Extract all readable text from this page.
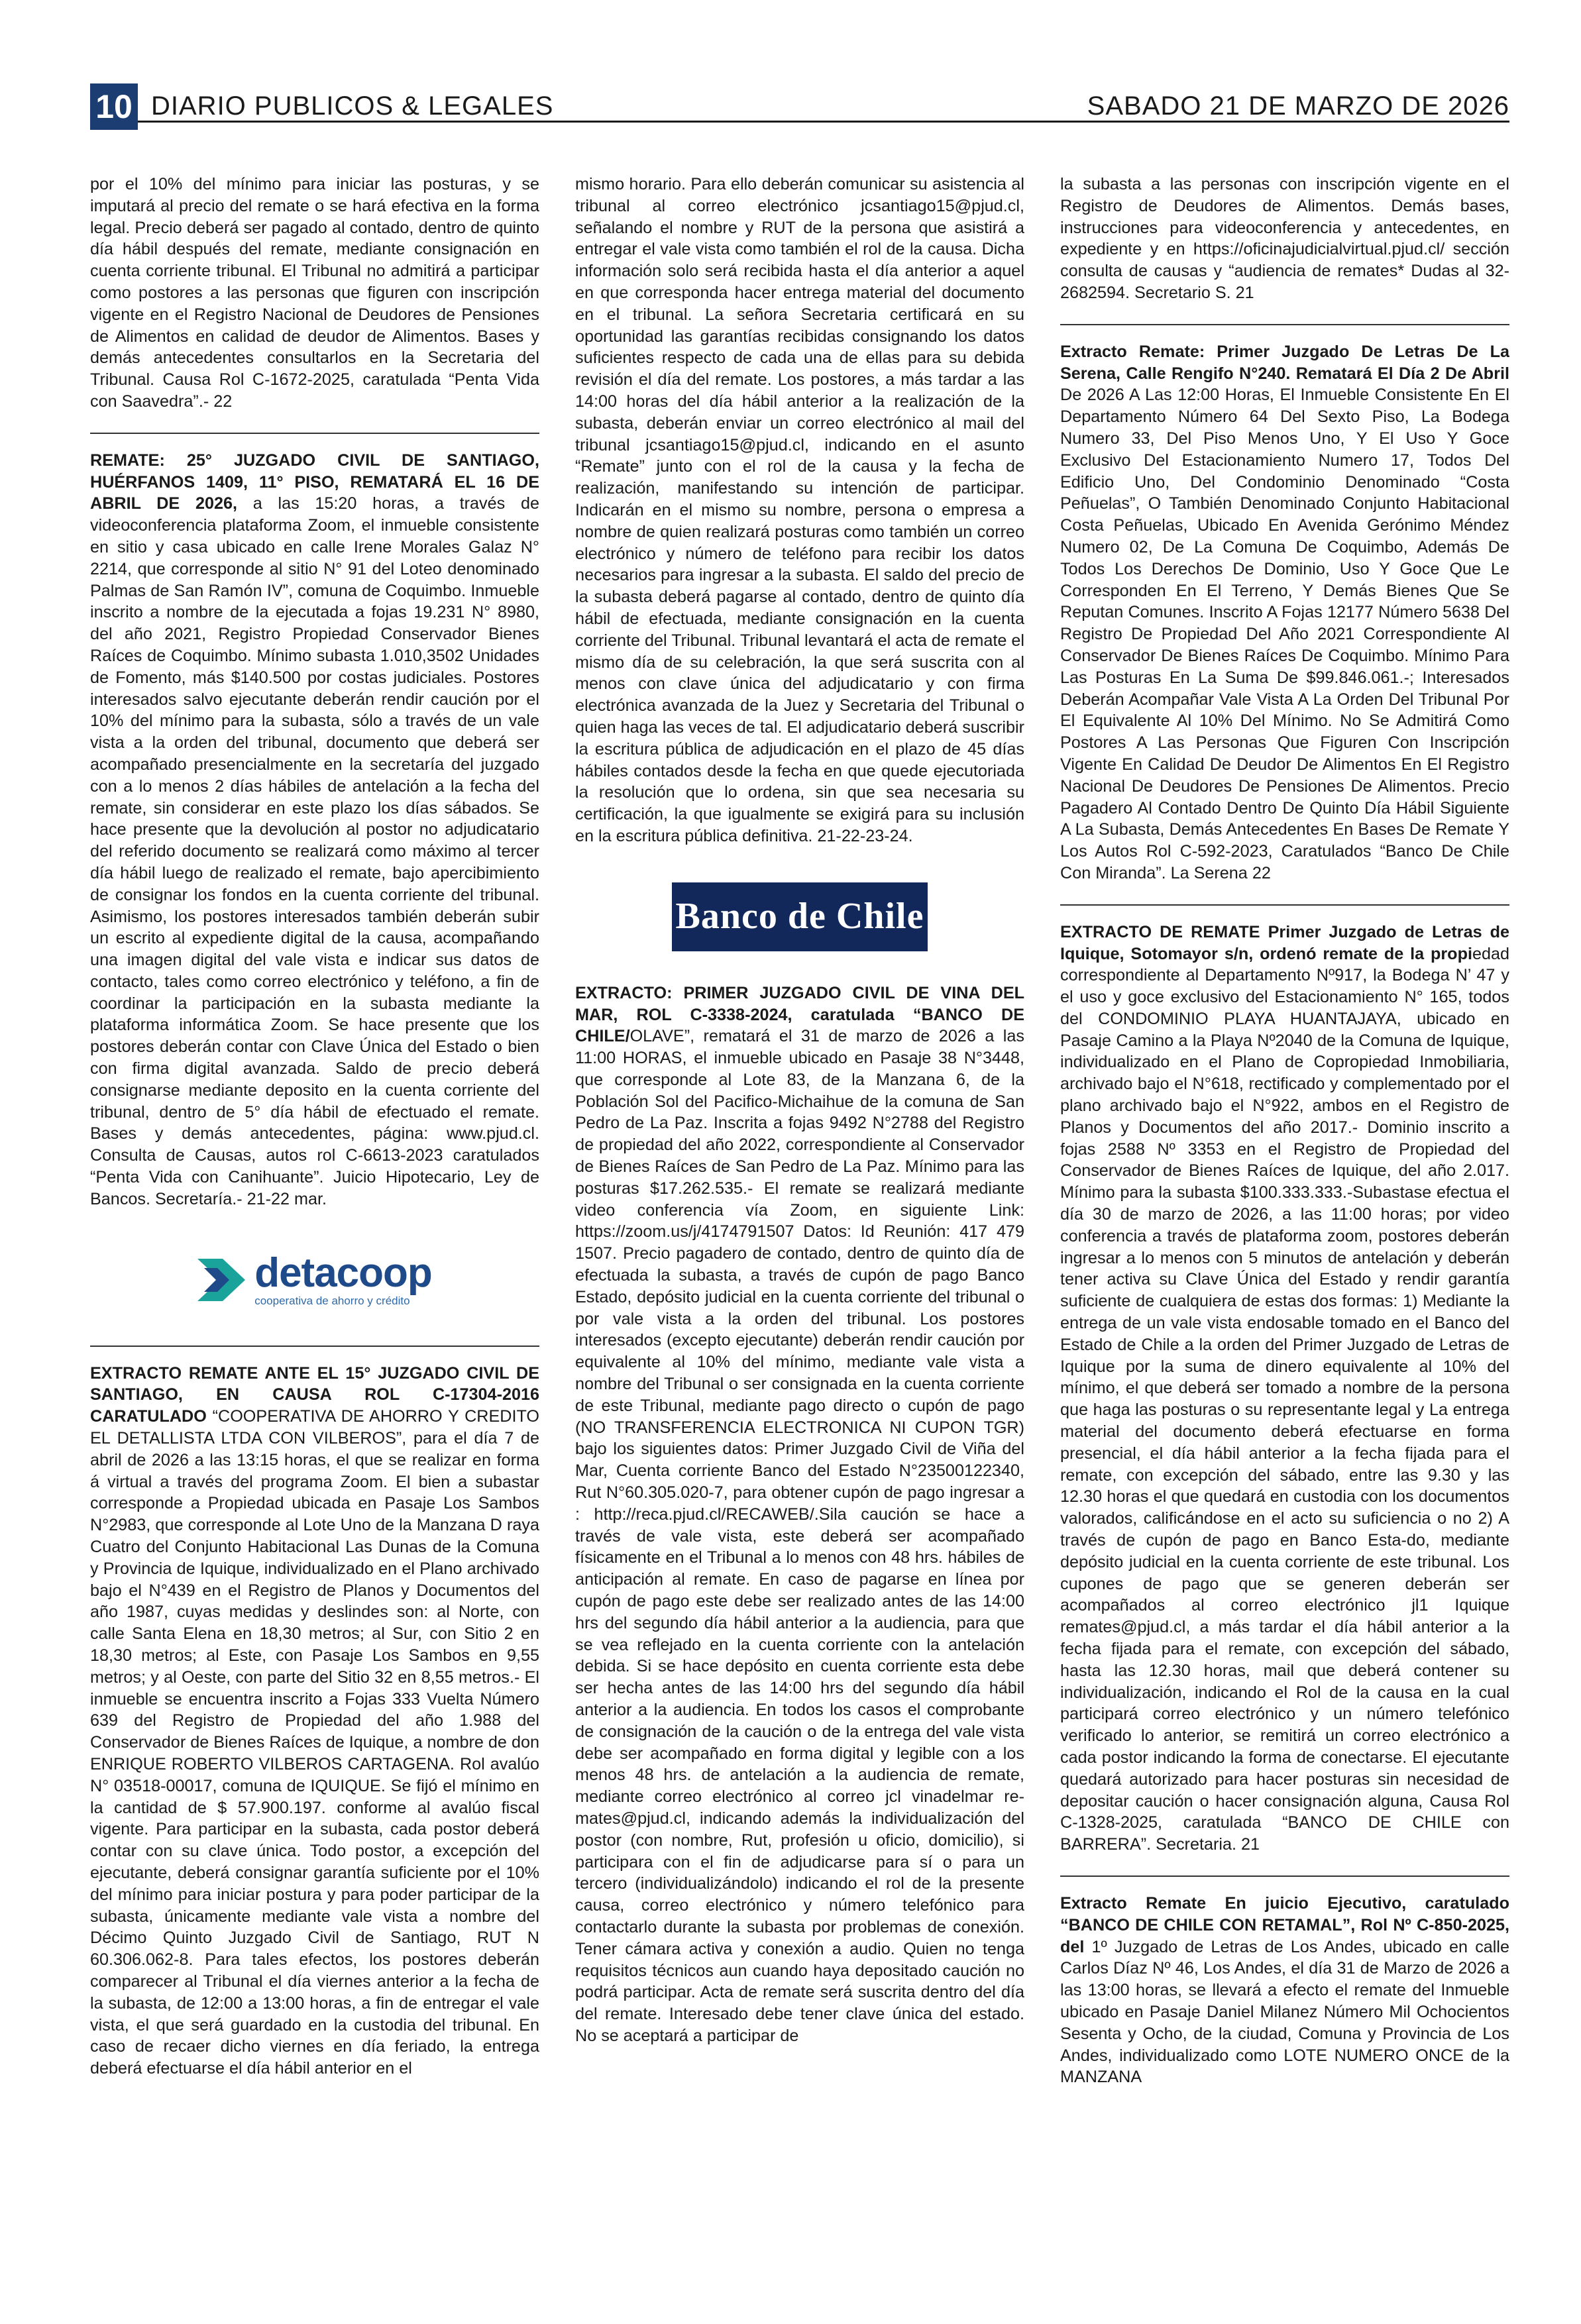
10 DIARIO PUBLICOS & LEGALES	SABADO 21 DE MARZO DE 2026

por el 10% del mínimo para iniciar las posturas, y se imputará al precio del remate o se hará efectiva en la forma legal. Precio deberá ser pagado al contado, dentro de quinto día hábil después del remate, mediante consignación en cuenta corriente tribunal. El Tribunal no admitirá a participar como postores a las personas que figuren con inscripción vigente en el Registro Nacional de Deudores de Pensiones de Alimentos en calidad de deudor de Alimentos. Bases y demás antecedentes consultarlos en la Secretaria del Tribunal. Causa Rol C-1672-2025, caratulada “Penta Vida con Saavedra”.- 22

REMATE: 25° JUZGADO CIVIL DE SANTIAGO, HUÉRFANOS 1409, 11° PISO, REMATARÁ EL 16 DE ABRIL DE 2026, a las 15:20 horas, a través de videoconferencia plataforma Zoom, el inmueble consistente en sitio y casa ubicado en calle Irene Morales Galaz N° 2214, que corresponde al sitio N° 91 del Loteo denominado Palmas de San Ramón IV”, comuna de Coquimbo. Inmueble inscrito a nombre de la ejecutada a fojas 19.231 N° 8980, del año 2021, Registro Propiedad Conservador Bienes Raíces de Coquimbo. Mínimo subasta 1.010,3502 Unidades de Fomento, más $140.500 por costas judiciales. Postores interesados salvo ejecutante deberán rendir caución por el 10% del mínimo para la subasta, sólo a través de un vale vista a la orden del tribunal, documento que deberá ser acompañado presencialmente en la secretaría del juzgado con a lo menos 2 días hábiles de antelación a la fecha del remate, sin considerar en este plazo los días sábados. Se hace presente que la devolución al postor no adjudicatario del referido documento se realizará como máximo al tercer día hábil luego de realizado el remate, bajo apercibimiento de consignar los fondos en la cuenta corriente del tribunal. Asimismo, los postores interesados también deberán subir un escrito al expediente digital de la causa, acompañando una imagen digital del vale vista e indicar sus datos de contacto, tales como correo electrónico y teléfono, a fin de coordinar la participación en la subasta mediante la plataforma informática Zoom. Se hace presente que los postores deberán contar con Clave Única del Estado o bien con firma digital avanzada. Saldo de precio deberá consignarse mediante deposito en la cuenta corriente del tribunal, dentro de 5° día hábil de efectuado el remate. Bases y demás antecedentes, página: www.pjud.cl. Consulta de Causas, autos rol C-6613-2023 caratulados “Penta Vida con Canihuante”. Juicio Hipotecario, Ley de Bancos. Secretaría.- 21-22 mar.

detacoop
cooperativa de ahorro y crédito

EXTRACTO REMATE ANTE EL 15° JUZGADO CIVIL DE SANTIAGO, EN CAUSA ROL C-17304-2016 CARATULADO “COOPERATIVA DE AHORRO Y CREDITO EL DETALLISTA LTDA CON VILBEROS”, para el día 7 de abril de 2026 a las 13:15 horas, el que se realizar en forma á virtual a través del programa Zoom. El bien a subastar corresponde a Propiedad ubicada en Pasaje Los Sambos N°2983, que corresponde al Lote Uno de la Manzana D raya Cuatro del Conjunto Habitacional Las Dunas de la Comuna y Provincia de Iquique, individualizado en el Plano archivado bajo el N°439 en el Registro de Planos y Documentos del año 1987, cuyas medidas y deslindes son: al Norte, con calle Santa Elena en 18,30 metros; al Sur, con Sitio 2 en 18,30 metros; al Este, con Pasaje Los Sambos en 9,55 metros; y al Oeste, con parte del Sitio 32 en 8,55 metros.- El inmueble se encuentra inscrito a Fojas 333 Vuelta Número 639 del Registro de Propiedad del año 1.988 del Conservador de Bienes Raíces de Iquique, a nombre de don ENRIQUE ROBERTO VILBEROS CARTAGENA. Rol avalúo N° 03518-00017, comuna de IQUIQUE. Se fijó el mínimo en la cantidad de $ 57.900.197. conforme al avalúo fiscal vigente. Para participar en la subasta, cada postor deberá contar con su clave única. Todo postor, a excepción del ejecutante, deberá consignar garantía suficiente por el 10% del mínimo para iniciar postura y para poder participar de la subasta, únicamente mediante vale vista a nombre del Décimo Quinto Juzgado Civil de Santiago, RUT N 60.306.062-8. Para tales efectos, los postores deberán comparecer al Tribunal el día viernes anterior a la fecha de la subasta, de 12:00 a 13:00 horas, a fin de entregar el vale vista, el que será guardado en la custodia del tribunal. En caso de recaer dicho viernes en día feriado, la entrega deberá efectuarse el día hábil anterior en el

mismo horario. Para ello deberán comunicar su asistencia al tribunal al correo electrónico jcsantiago15@pjud.cl, señalando el nombre y RUT de la persona que asistirá a entregar el vale vista como también el rol de la causa. Dicha información solo será recibida hasta el día anterior a aquel en que corresponda hacer entrega material del documento en el tribunal. La señora Secretaria certificará en su oportunidad las garantías recibidas consignando los datos suficientes respecto de cada una de ellas para su debida revisión el día del remate. Los postores, a más tardar a las 14:00 horas del día hábil anterior a la realización de la subasta, deberán enviar un correo electrónico al mail del tribunal jcsantiago15@pjud.cl, indicando en el asunto “Remate” junto con el rol de la causa y la fecha de realización, manifestando su intención de participar. Indicarán en el mismo su nombre, persona o empresa a nombre de quien realizará posturas como también un correo electrónico y número de teléfono para recibir los datos necesarios para ingresar a la subasta. El saldo del precio de la subasta deberá pagarse al contado, dentro de quinto día hábil de efectuada, mediante consignación en la cuenta corriente del Tribunal. Tribunal levantará el acta de remate el mismo día de su celebración, la que será suscrita con al menos con clave única del adjudicatario y con firma electrónica avanzada de la Juez y Secretaria del Tribunal o quien haga las veces de tal. El adjudicatario deberá suscribir la escritura pública de adjudicación en el plazo de 45 días hábiles contados desde la fecha en que quede ejecutoriada la resolución que lo ordena, sin que sea necesaria su certificación, la que igualmente se exigirá para su inclusión en la escritura pública definitiva. 21-22-23-24.

Banco de Chile

EXTRACTO: PRIMER JUZGADO CIVIL DE VINA DEL MAR, ROL C-3338-2024, caratulada “BANCO DE CHILE/OLAVE”, rematará el 31 de marzo de 2026 a las 11:00 HORAS, el inmueble ubicado en Pasaje 38 N°3448, que corresponde al Lote 83, de la Manzana 6, de la Población Sol del Pacifico-Michaihue de la comuna de San Pedro de La Paz. Inscrita a fojas 9492 N°2788 del Registro de propiedad del año 2022, correspondiente al Conservador de Bienes Raíces de San Pedro de La Paz. Mínimo para las posturas $17.262.535.- El remate se realizará mediante video conferencia vía Zoom, en siguiente Link: https://zoom.us/j/4174791507 Datos: Id Reunión: 417 479 1507. Precio pagadero de contado, dentro de quinto día de efectuada la subasta, a través de cupón de pago Banco Estado, depósito judicial en la cuenta corriente del tribunal o por vale vista a la orden del tribunal. Los postores interesados (excepto ejecutante) deberán rendir caución por equivalente al 10% del mínimo, mediante vale vista a nombre del Tribunal o ser consignada en la cuenta corriente de este Tribunal, mediante pago directo o cupón de pago (NO TRANSFERENCIA ELECTRONICA NI CUPON TGR) bajo los siguientes datos: Primer Juzgado Civil de Viña del Mar, Cuenta corriente Banco del Estado N°23500122340, Rut N°60.305.020-7, para obtener cupón de pago ingresar a : http://reca.pjud.cl/RECAWEB/.Sila caución se hace a través de vale vista, este deberá ser acompañado físicamente en el Tribunal a lo menos con 48 hrs. hábiles de anticipación al remate. En caso de pagarse en línea por cupón de pago este debe ser realizado antes de las 14:00 hrs del segundo día hábil anterior a la audiencia, para que se vea reflejado en la cuenta corriente con la antelación debida. Si se hace depósito en cuenta corriente esta debe ser hecha antes de las 14:00 hrs del segundo día hábil anterior a la audiencia. En todos los casos el comprobante de consignación de la caución o de la entrega del vale vista debe ser acompañado en forma digital y legible con a los menos 48 hrs. de antelación a la audiencia de remate, mediante correo electrónico al correo jcl vinadelmar re-mates@pjud.cl, indicando además la individualización del postor (con nombre, Rut, profesión u oficio, domicilio), si participara con el fin de adjudicarse para sí o para un tercero (individualizándolo) indicando el rol de la presente causa, correo electrónico y número telefónico para contactarlo durante la subasta por problemas de conexión. Tener cámara activa y conexión a audio. Quien no tenga requisitos técnicos aun cuando haya depositado caución no podrá participar. Acta de remate será suscrita dentro del día del remate. Interesado debe tener clave única del estado. No se aceptará a participar de

la subasta a las personas con inscripción vigente en el Registro de Deudores de Alimentos. Demás bases, instrucciones para videoconferencia y antecedentes, en expediente y en https://oficinajudicialvirtual.pjud.cl/ sección consulta de causas y “audiencia de remates* Dudas al 32-2682594. Secretario S. 21

Extracto Remate: Primer Juzgado De Letras De La Serena, Calle Rengifo N°240. Rematará El Día 2 De Abril De 2026 A Las 12:00 Horas, El Inmueble Consistente En El Departamento Número 64 Del Sexto Piso, La Bodega Numero 33, Del Piso Menos Uno, Y El Uso Y Goce Exclusivo Del Estacionamiento Numero 17, Todos Del Edificio Uno, Del Condominio Denominado “Costa Peñuelas”, O También Denominado Conjunto Habitacional Costa Peñuelas, Ubicado En Avenida Gerónimo Méndez Numero 02, De La Comuna De Coquimbo, Además De Todos Los Derechos De Dominio, Uso Y Goce Que Le Corresponden En El Terreno, Y Demás Bienes Que Se Reputan Comunes. Inscrito A Fojas 12177 Número 5638 Del Registro De Propiedad Del Año 2021 Correspondiente Al Conservador De Bienes Raíces De Coquimbo. Mínimo Para Las Posturas En La Suma De $99.846.061.-; Interesados Deberán Acompañar Vale Vista A La Orden Del Tribunal Por El Equivalente Al 10% Del Mínimo. No Se Admitirá Como Postores A Las Personas Que Figuren Con Inscripción Vigente En Calidad De Deudor De Alimentos En El Registro Nacional De Deudores De Pensiones De Alimentos. Precio Pagadero Al Contado Dentro De Quinto Día Hábil Siguiente A La Subasta, Demás Antecedentes En Bases De Remate Y Los Autos Rol C-592-2023, Caratulados “Banco De Chile Con Miranda”. La Serena 22

EXTRACTO DE REMATE Primer Juzgado de Letras de Iquique, Sotomayor s/n, ordenó remate de la propiedad correspondiente al Departamento Nº917, la Bodega N’ 47 y el uso y goce exclusivo del Estacionamiento N° 165, todos del CONDOMINIO PLAYA HUANTAJAYA, ubicado en Pasaje Camino a la Playa Nº2040 de la Comuna de Iquique, individualizado en el Plano de Copropiedad Inmobiliaria, archivado bajo el N°618, rectificado y complementado por el plano archivado bajo el N°922, ambos en el Registro de Planos y Documentos del año 2017.- Dominio inscrito a fojas 2588 Nº 3353 en el Registro de Propiedad del Conservador de Bienes Raíces de Iquique, del año 2.017. Mínimo para la subasta $100.333.333.-Subastase efectua el día 30 de marzo de 2026, a las 11:00 horas; por video conferencia a través de plataforma zoom, postores deberán ingresar a lo menos con 5 minutos de antelación y deberán tener activa su Clave Única del Estado y rendir garantía suficiente de cualquiera de estas dos formas: 1) Mediante la entrega de un vale vista endosable tomado en el Banco del Estado de Chile a la orden del Primer Juzgado de Letras de Iquique por la suma de dinero equivalente al 10% del mínimo, el que deberá ser tomado a nombre de la persona que haga las posturas o su representante legal y La entrega material del documento deberá efectuarse en forma presencial, el día hábil anterior a la fecha fijada para el remate, con excepción del sábado, entre las 9.30 y las 12.30 horas el que quedará en custodia con los documentos valorados, calificándose en el acto su suficiencia o no 2) A través de cupón de pago en Banco Esta-do, mediante depósito judicial en la cuenta corriente de este tribunal. Los cupones de pago que se generen deberán ser acompañados al correo electrónico jl1 Iquique remates@pjud.cl, a más tardar el día hábil anterior a la fecha fijada para el remate, con excepción del sábado, hasta las 12.30 horas, mail que deberá contener su individualización, indicando el Rol de la causa en la cual participará correo electrónico y un número telefónico verificado lo anterior, se remitirá un correo electrónico a cada postor indicando la forma de conectarse. El ejecutante quedará autorizado para hacer posturas sin necesidad de depositar caución o hacer consignación alguna, Causa Rol C-1328-2025, caratulada “BANCO DE CHILE con BARRERA”. Secretaria. 21

Extracto Remate En juicio Ejecutivo, caratulado “BANCO DE CHILE CON RETAMAL”, Rol Nº C-850-2025, del 1º Juzgado de Letras de Los Andes, ubicado en calle Carlos Díaz Nº 46, Los Andes, el día 31 de Marzo de 2026 a las 13:00 horas, se llevará a efecto el remate del Inmueble ubicado en Pasaje Daniel Milanez Número Mil Ochocientos Sesenta y Ocho, de la ciudad, Comuna y Provincia de Los Andes, individualizado como LOTE NUMERO ONCE de la MANZANA
